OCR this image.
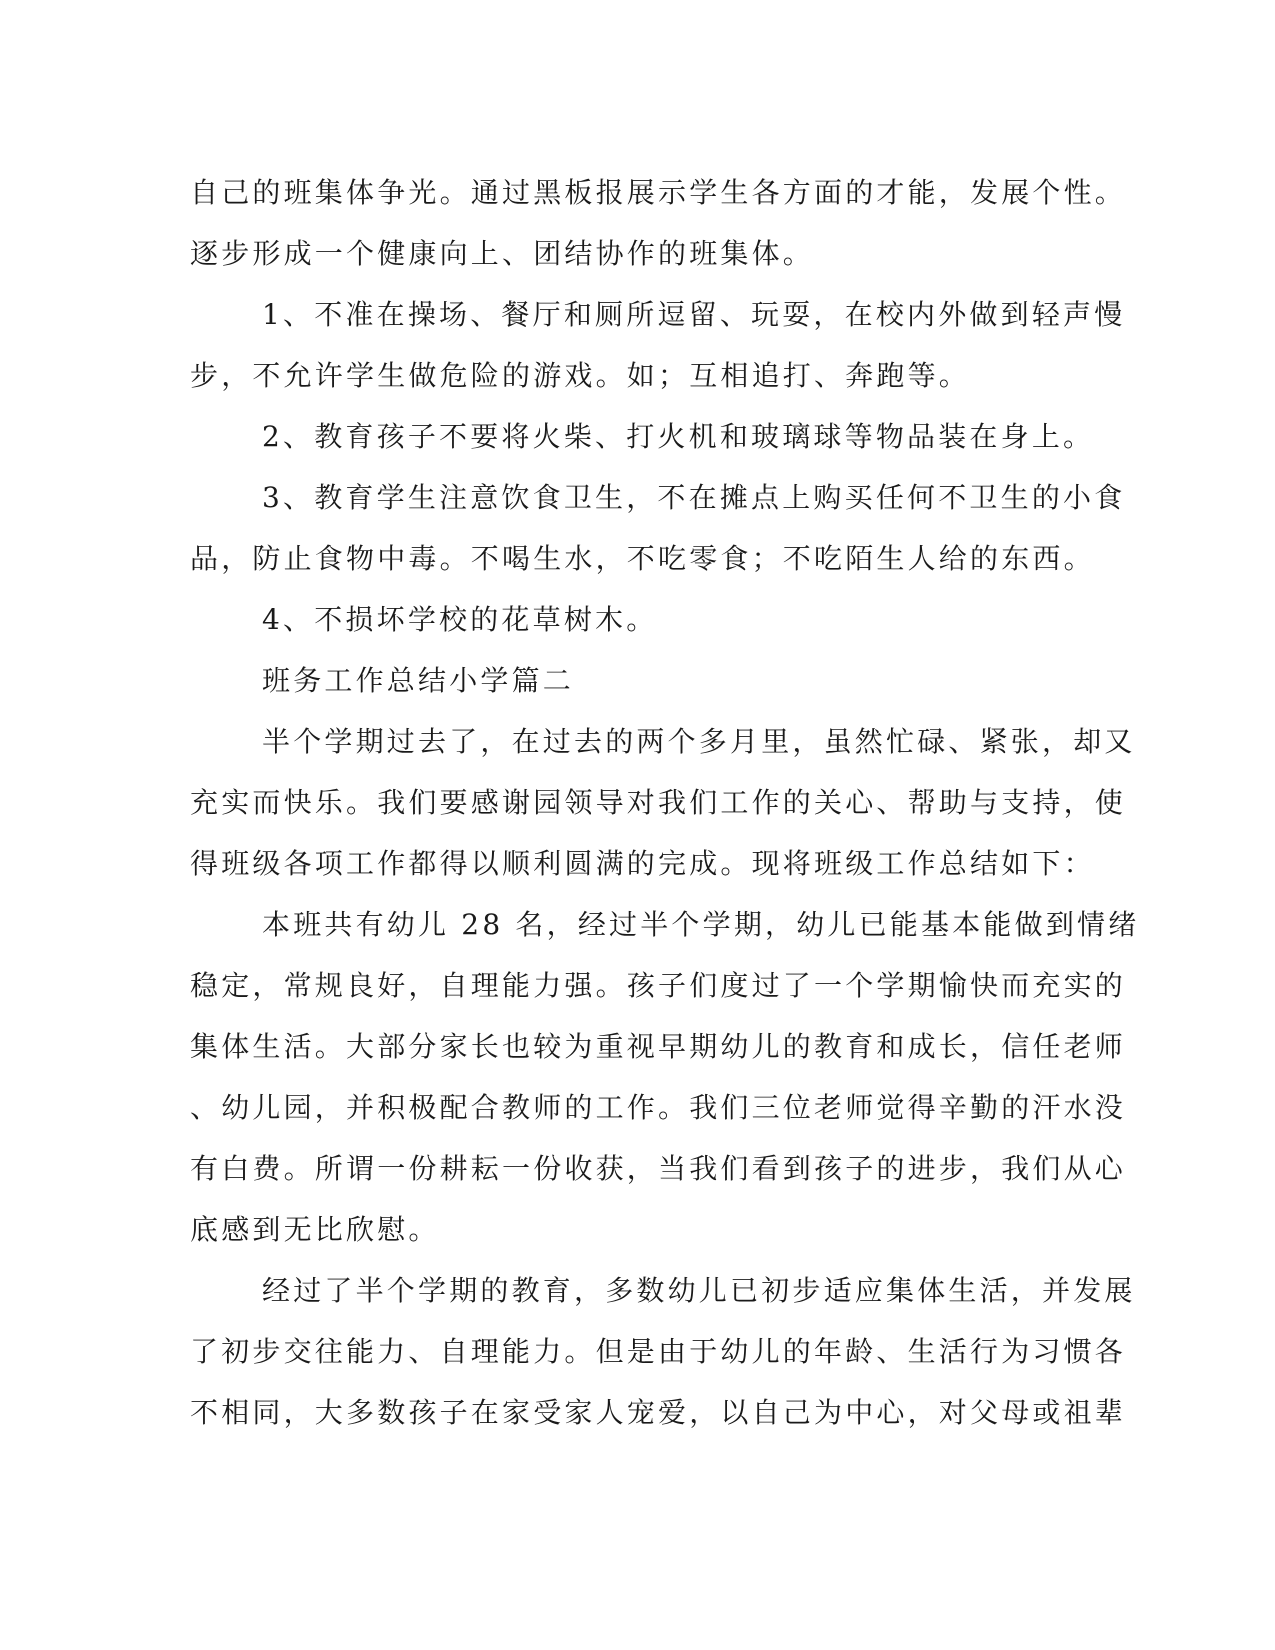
自己的班集体争光。通过黑板报展示学生各方面的才能，发展个性。
逐步形成一个健康向上、团结协作的班集体。
1、不准在操场、餐厅和厕所逗留、玩耍，在校内外做到轻声慢
步，不允许学生做危险的游戏。如；互相追打、奔跑等。
2、教育孩子不要将火柴、打火机和玻璃球等物品装在身上。
3、教育学生注意饮食卫生，不在摊点上购买任何不卫生的小食
品，防止食物中毒。不喝生水，不吃零食；不吃陌生人给的东西。
4、不损坏学校的花草树木。
班务工作总结小学篇二
半个学期过去了，在过去的两个多月里，虽然忙碌、紧张，却又
充实而快乐。我们要感谢园领导对我们工作的关心、帮助与支持，使
得班级各项工作都得以顺利圆满的完成。现将班级工作总结如下：
本班共有幼儿 28 名，经过半个学期，幼儿已能基本能做到情绪
稳定，常规良好，自理能力强。孩子们度过了一个学期愉快而充实的
集体生活。大部分家长也较为重视早期幼儿的教育和成长，信任老师
、幼儿园，并积极配合教师的工作。我们三位老师觉得辛勤的汗水没
有白费。所谓一份耕耘一份收获，当我们看到孩子的进步，我们从心
底感到无比欣慰。
经过了半个学期的教育，多数幼儿已初步适应集体生活，并发展
了初步交往能力、自理能力。但是由于幼儿的年龄、生活行为习惯各
不相同，大多数孩子在家受家人宠爱，以自己为中心，对父母或祖辈
